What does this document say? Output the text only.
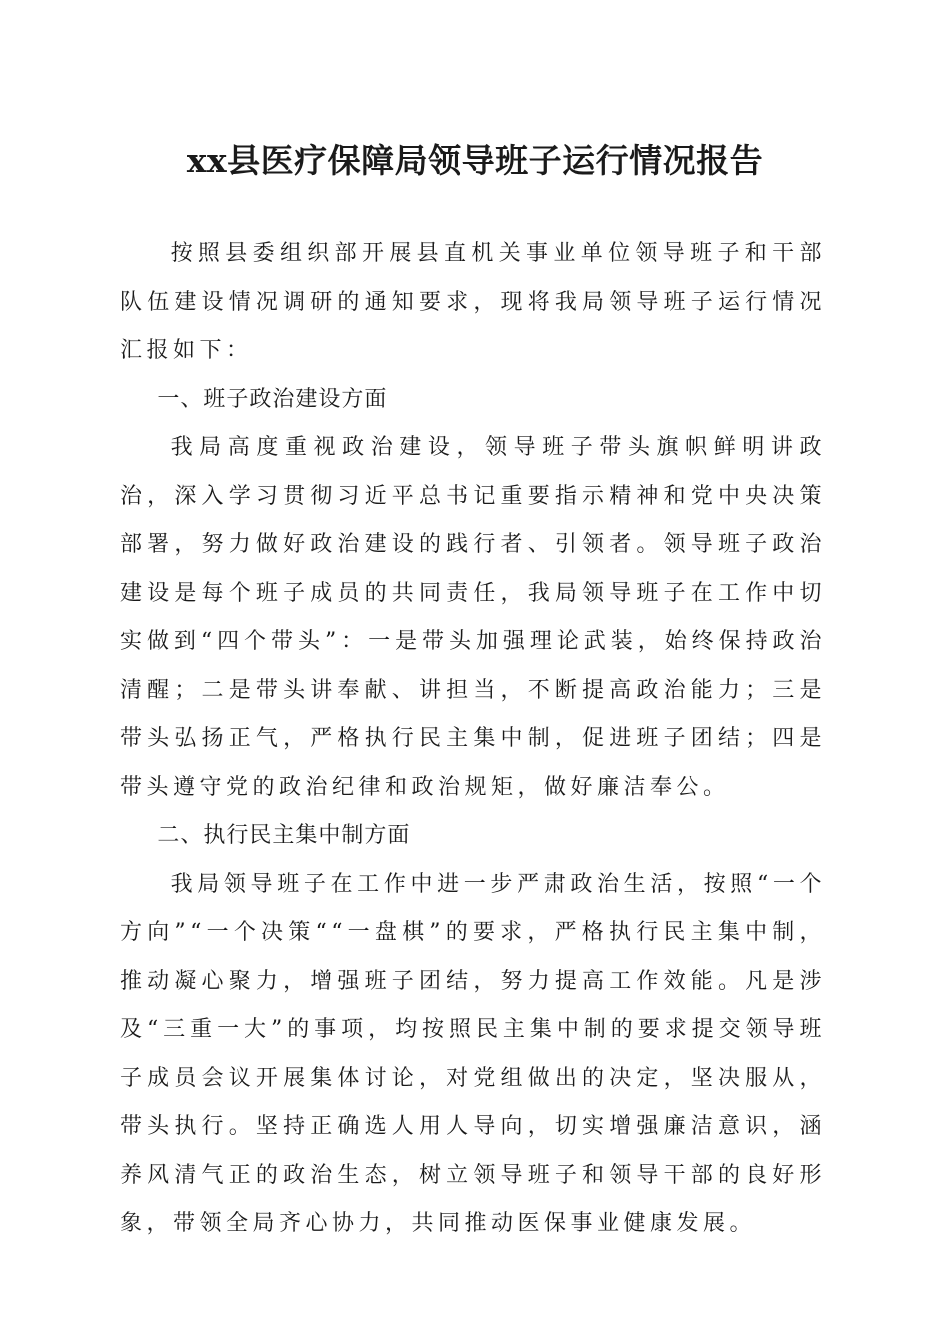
xx县医疗保障局领导班子运行情况报告

按照县委组织部开展县直机关事业单位领导班子和干部队伍建设情况调研的通知要求，现将我局领导班子运行情况汇报如下：

一、班子政治建设方面

我局高度重视政治建设，领导班子带头旗帜鲜明讲政治，深入学习贯彻习近平总书记重要指示精神和党中央决策部署，努力做好政治建设的践行者、引领者。领导班子政治建设是每个班子成员的共同责任，我局领导班子在工作中切实做到“四个带头”：一是带头加强理论武装，始终保持政治清醒；二是带头讲奉献、讲担当，不断提高政治能力；三是带头弘扬正气，严格执行民主集中制，促进班子团结；四是带头遵守党的政治纪律和政治规矩，做好廉洁奉公。

二、执行民主集中制方面

我局领导班子在工作中进一步严肃政治生活，按照“一个方向”“一个决策““一盘棋”的要求，严格执行民主集中制，推动凝心聚力，增强班子团结，努力提高工作效能。凡是涉及“三重一大”的事项，均按照民主集中制的要求提交领导班子成员会议开展集体讨论，对党组做出的决定，坚决服从，带头执行。坚持正确选人用人导向，切实增强廉洁意识，涵养风清气正的政治生态，树立领导班子和领导干部的良好形象，带领全局齐心协力，共同推动医保事业健康发展。
